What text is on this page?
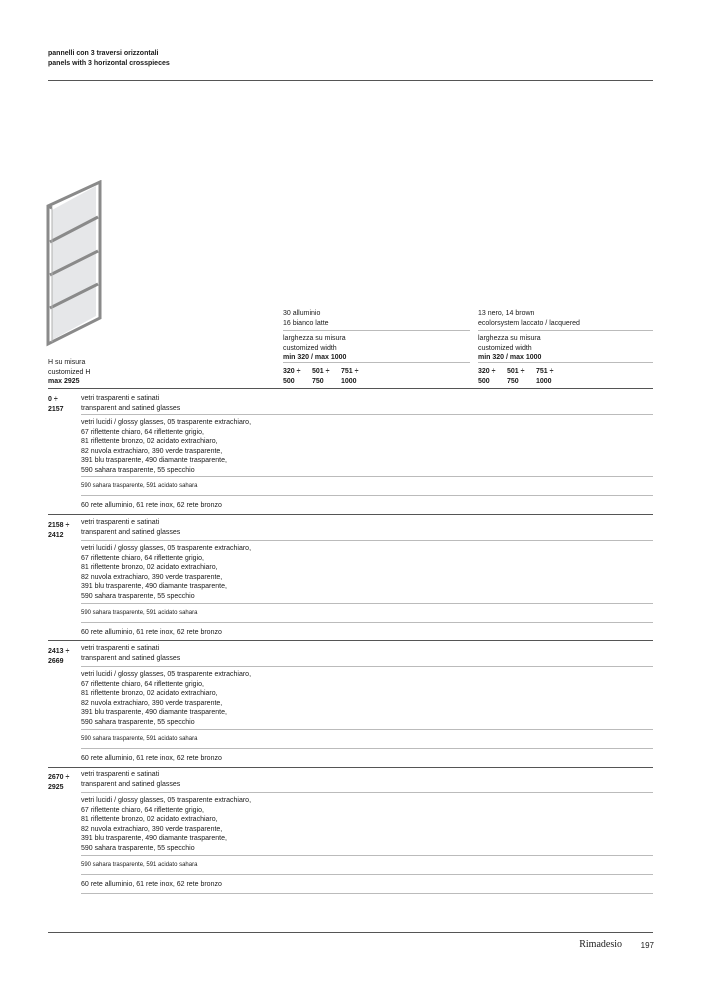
pannelli con 3 traversi orizzontali
panels with 3 horizontal crosspieces
30 alluminio
16 bianco latte
13 nero, 14 brown
ecolorsystem laccato / lacquered
larghezza su misura
customized width
min 320 / max 1000
larghezza su misura
customized width
min 320 / max 1000
320 ÷ 501 ÷ 751 ÷
500 750 1000
320 ÷ 501 ÷ 751 ÷
500 750 1000
H su misura
customized H
max 2925
0 ÷
2157
vetri trasparenti e satinati
transparent and satined glasses
vetri lucidi / glossy glasses, 05 trasparente extrachiaro,
67 riflettente chiaro, 64 riflettente grigio,
81 riflettente bronzo, 02 acidato extrachiaro,
82 nuvola extrachiaro, 390 verde trasparente,
391 blu trasparente, 490 diamante trasparente,
590 sahara trasparente, 55 specchio
590 sahara trasparente, 591 acidato sahara
60 rete alluminio, 61 rete inox, 62 rete bronzo
2158 ÷
2412
vetri trasparenti e satinati
transparent and satined glasses
vetri lucidi / glossy glasses, 05 trasparente extrachiaro,
67 riflettente chiaro, 64 riflettente grigio,
81 riflettente bronzo, 02 acidato extrachiaro,
82 nuvola extrachiaro, 390 verde trasparente,
391 blu trasparente, 490 diamante trasparente,
590 sahara trasparente, 55 specchio
590 sahara trasparente, 591 acidato sahara
60 rete alluminio, 61 rete inox, 62 rete bronzo
2413 ÷
2669
vetri trasparenti e satinati
transparent and satined glasses
vetri lucidi / glossy glasses, 05 trasparente extrachiaro,
67 riflettente chiaro, 64 riflettente grigio,
81 riflettente bronzo, 02 acidato extrachiaro,
82 nuvola extrachiaro, 390 verde trasparente,
391 blu trasparente, 490 diamante trasparente,
590 sahara trasparente, 55 specchio
590 sahara trasparente, 591 acidato sahara
60 rete alluminio, 61 rete inox, 62 rete bronzo
2670 ÷
2925
vetri trasparenti e satinati
transparent and satined glasses
vetri lucidi / glossy glasses, 05 trasparente extrachiaro,
67 riflettente chiaro, 64 riflettente grigio,
81 riflettente bronzo, 02 acidato extrachiaro,
82 nuvola extrachiaro, 390 verde trasparente,
391 blu trasparente, 490 diamante trasparente,
590 sahara trasparente, 55 specchio
590 sahara trasparente, 591 acidato sahara
60 rete alluminio, 61 rete inox, 62 rete bronzo
Rimadesio 197
